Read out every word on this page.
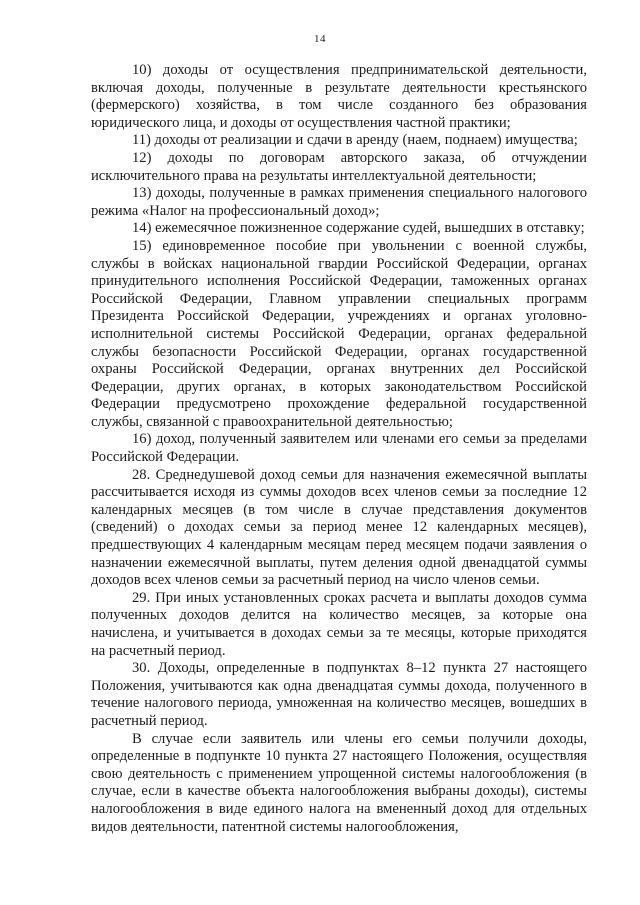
14

10) доходы от осуществления предпринимательской деятельности, включая доходы, полученные в результате деятельности крестьянского (фермерского) хозяйства, в том числе созданного без образования юридического лица, и доходы от осуществления частной практики;

11) доходы от реализации и сдачи в аренду (наем, поднаем) имущества;

12) доходы по договорам авторского заказа, об отчуждении исключительного права на результаты интеллектуальной деятельности;

13) доходы, полученные в рамках применения специального налогового режима «Налог на профессиональный доход»;

14) ежемесячное пожизненное содержание судей, вышедших в отставку;

15) единовременное пособие при увольнении с военной службы, службы в войсках национальной гвардии Российской Федерации, органах принудительного исполнения Российской Федерации, таможенных органах Российской Федерации, Главном управлении специальных программ Президента Российской Федерации, учреждениях и органах уголовно-исполнительной системы Российской Федерации, органах федеральной службы безопасности Российской Федерации, органах государственной охраны Российской Федерации, органах внутренних дел Российской Федерации, других органах, в которых законодательством Российской Федерации предусмотрено прохождение федеральной государственной службы, связанной с правоохранительной деятельностью;

16) доход, полученный заявителем или членами его семьи за пределами Российской Федерации.

28. Среднедушевой доход семьи для назначения ежемесячной выплаты рассчитывается исходя из суммы доходов всех членов семьи за последние 12 календарных месяцев (в том числе в случае представления документов (сведений) о доходах семьи за период менее 12 календарных месяцев), предшествующих 4 календарным месяцам перед месяцем подачи заявления о назначении ежемесячной выплаты, путем деления одной двенадцатой суммы доходов всех членов семьи за расчетный период на число членов семьи.

29. При иных установленных сроках расчета и выплаты доходов сумма полученных доходов делится на количество месяцев, за которые она начислена, и учитывается в доходах семьи за те месяцы, которые приходятся на расчетный период.

30. Доходы, определенные в подпунктах 8–12 пункта 27 настоящего Положения, учитываются как одна двенадцатая суммы дохода, полученного в течение налогового периода, умноженная на количество месяцев, вошедших в расчетный период.

В случае если заявитель или члены его семьи получили доходы, определенные в подпункте 10 пункта 27 настоящего Положения, осуществляя свою деятельность с применением упрощенной системы налогообложения (в случае, если в качестве объекта налогообложения выбраны доходы), системы налогообложения в виде единого налога на вмененный доход для отдельных видов деятельности, патентной системы налогообложения,
